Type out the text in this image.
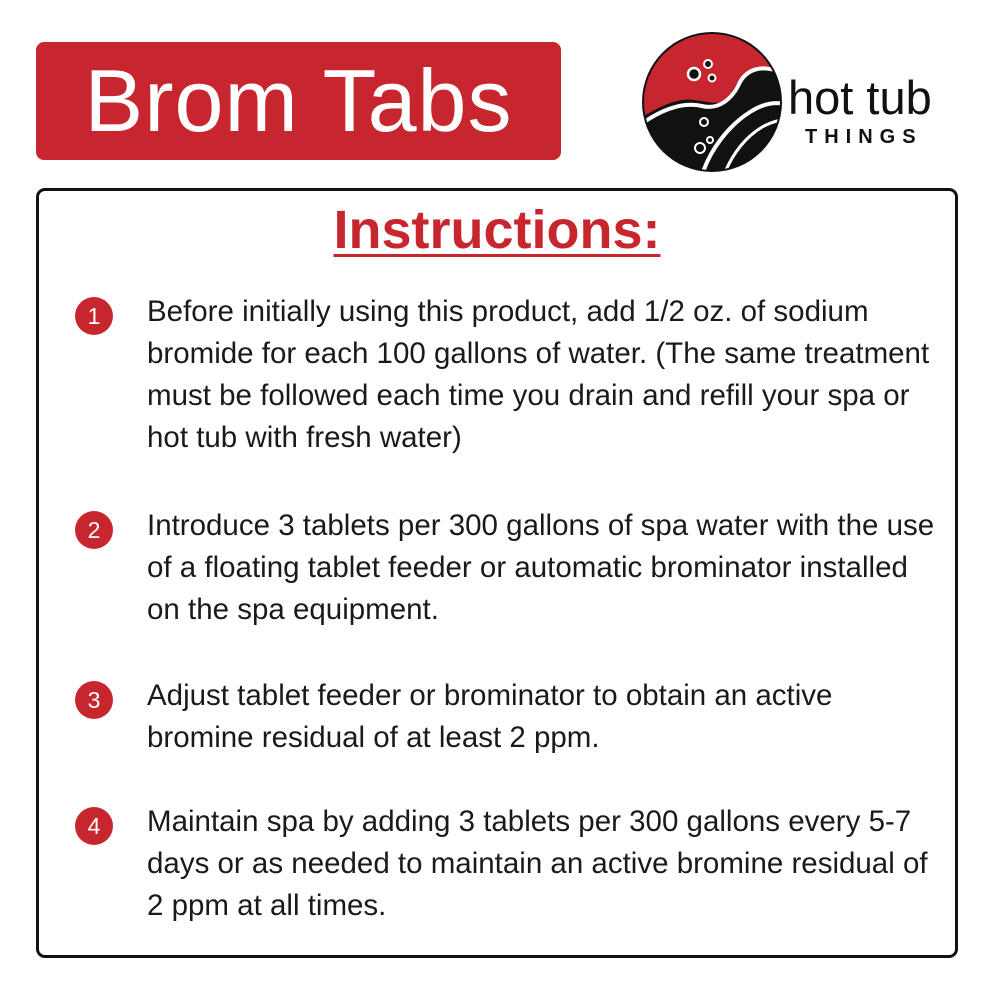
Brom Tabs	hot tub
THINGS
Instructions:
1	Before initially using this product, add 1/2 oz. of sodium bromide for each 100 gallons of water. (The same treatment must be followed each time you drain and refill your spa or hot tub with fresh water)
2	Introduce 3 tablets per 300 gallons of spa water with the use of a floating tablet feeder or automatic brominator installed on the spa equipment.
3	Adjust tablet feeder or brominator to obtain an active bromine residual of at least 2 ppm.
4	Maintain spa by adding 3 tablets per 300 gallons every 5-7 days or as needed to maintain an active bromine residual of 2 ppm at all times.
